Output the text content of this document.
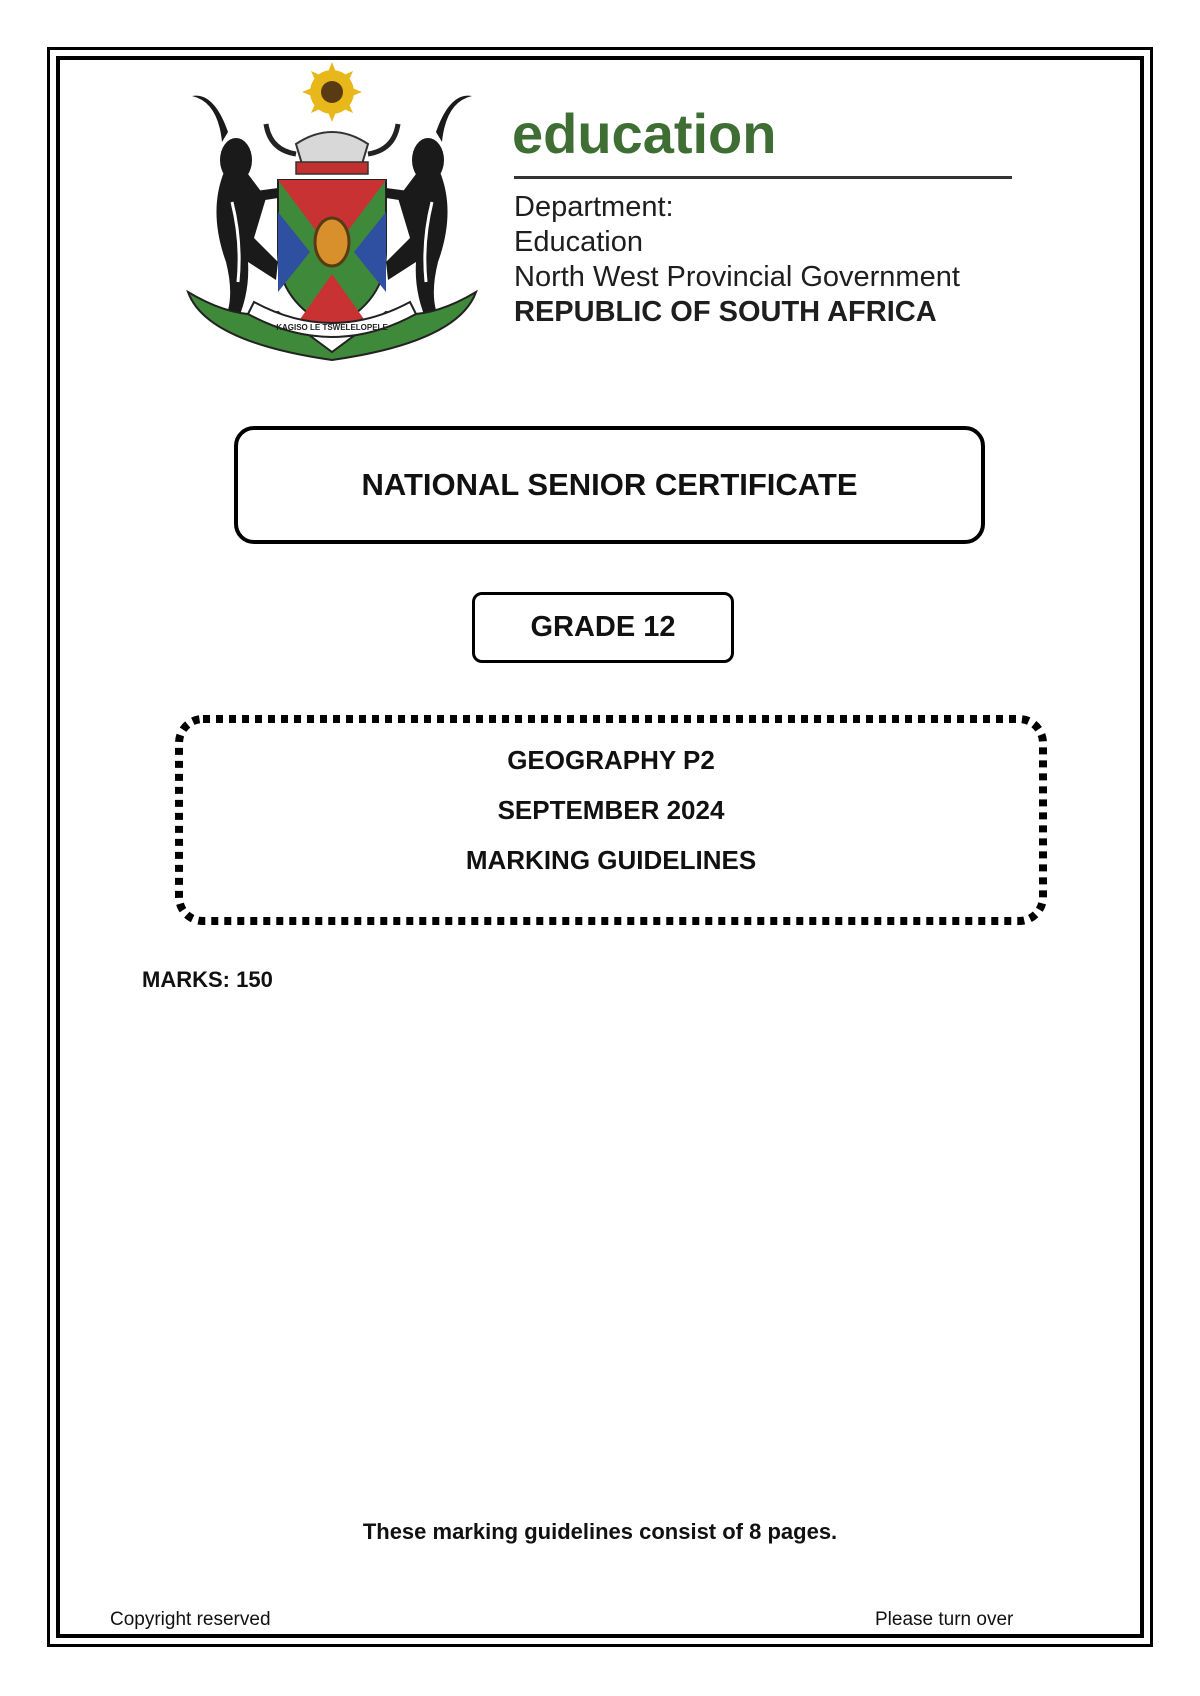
KAGISO LE TSWELELOPELE
education
Department:
Education
North West Provincial Government
REPUBLIC OF SOUTH AFRICA
NATIONAL SENIOR CERTIFICATE
GRADE 12
GEOGRAPHY P2
SEPTEMBER 2024
MARKING GUIDELINES
MARKS: 150
These marking guidelines consist of 8 pages.
Copyright reserved	Please turn over
